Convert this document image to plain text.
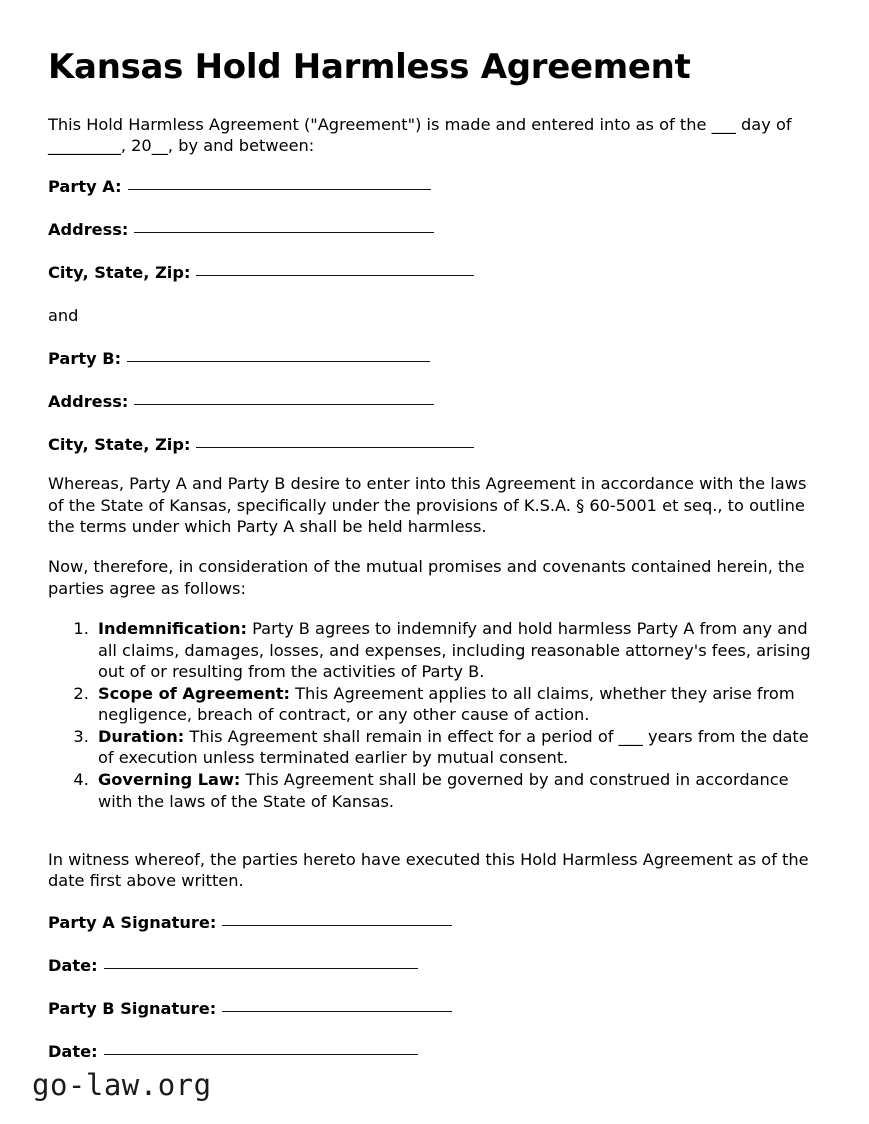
Kansas Hold Harmless Agreement

This Hold Harmless Agreement ("Agreement") is made and entered into as of the ___ day of _________, 20__, by and between:

Party A:
Address:
City, State, Zip:
and
Party B:
Address:
City, State, Zip:

Whereas, Party A and Party B desire to enter into this Agreement in accordance with the laws of the State of Kansas, specifically under the provisions of K.S.A. § 60-5001 et seq., to outline the terms under which Party A shall be held harmless.

Now, therefore, in consideration of the mutual promises and covenants contained herein, the parties agree as follows:

1. Indemnification: Party B agrees to indemnify and hold harmless Party A from any and all claims, damages, losses, and expenses, including reasonable attorney's fees, arising out of or resulting from the activities of Party B.
2. Scope of Agreement: This Agreement applies to all claims, whether they arise from negligence, breach of contract, or any other cause of action.
3. Duration: This Agreement shall remain in effect for a period of ___ years from the date of execution unless terminated earlier by mutual consent.
4. Governing Law: This Agreement shall be governed by and construed in accordance with the laws of the State of Kansas.

In witness whereof, the parties hereto have executed this Hold Harmless Agreement as of the date first above written.

Party A Signature:
Date:
Party B Signature:
Date:
go-law.org
